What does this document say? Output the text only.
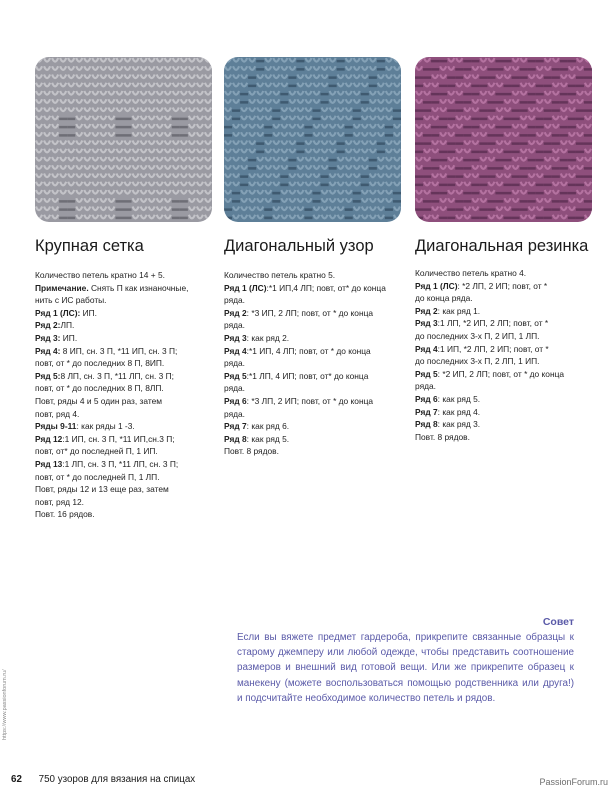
Крупная сетка
Количество петель кратно 14 + 5.
Примечание. Снять П как изнаночные,
нить с ИС работы.
Ряд 1 (ЛС): ИП.
Ряд 2:ЛП.
Ряд 3: ИП.
Ряд 4: 8 ИП, сн. 3 П, *11 ИП, сн. 3 П;
повт, от * до последних 8 П, 8ИП.
Ряд 5:8 ЛП, сн. 3 П, *11 ЛП, сн. 3 П;
повт, от * до последних 8 П, 8ЛП.
Повт, ряды 4 и 5 один раз, затем
повт, ряд 4.
Ряды 9-11: как ряды 1 -3.
Ряд 12:1 ИП, сн. 3 П, *11 ИП,сн.3 П;
повт, от* до последней П, 1 ИП.
Ряд 13:1 ЛП, сн. 3 П, *11 ЛП, сн. 3 П;
повт, от * до последней П, 1 ЛП.
Повт, ряды 12 и 13 еще раз, затем
повт, ряд 12.
Повт. 16 рядов.
Диагональный узор
Количество петель кратно 5.
Ряд 1 (ЛС):*1 ИП,4 ЛП; повт, от* до конца
ряда.
Ряд 2: *3 ИП, 2 ЛП; повт, от * до конца
ряда.
Ряд 3: как ряд 2.
Ряд 4:*1 ИП, 4 ЛП; повт, от * до конца
ряда.
Ряд 5:*1 ЛП, 4 ИП; повт, от* до конца
ряда.
Ряд 6: *3 ЛП, 2 ИП; повт, от * до конца
ряда.
Ряд 7: как ряд 6.
Ряд 8: как ряд 5.
Повт. 8 рядов.
Диагональная резинка
Количество петель кратно 4.
Ряд 1 (ЛС): *2 ЛП, 2 ИП; повт, от *
до конца ряда.
Ряд 2: как ряд 1.
Ряд 3:1 ЛП, *2 ИП, 2 ЛП; повт, от *
до последних 3-х П, 2 ИП, 1 ЛП.
Ряд 4:1 ИП, *2 ЛП, 2 ИП; повт, от *
до последних 3-х П, 2 ЛП, 1 ИП.
Ряд 5: *2 ИП, 2 ЛП; повт, от * до конца
ряда.
Ряд 6: как ряд 5.
Ряд 7: как ряд 4.
Ряд 8: как ряд 3.
Повт. 8 рядов.
Совет
Если вы вяжете предмет гардероба, прикрепите связанные образцы к старому джемперу или любой одежде, чтобы представить соотношение размеров и внешний вид готовой вещи. Или же прикрепите образец к манекену (можете воспользоваться помощью родственника или друга!) и подсчитайте необходимое количество петель и рядов.
https://www.passionforum.ru/
62 750 узоров для вязания на спицах	PassionForum.ru
